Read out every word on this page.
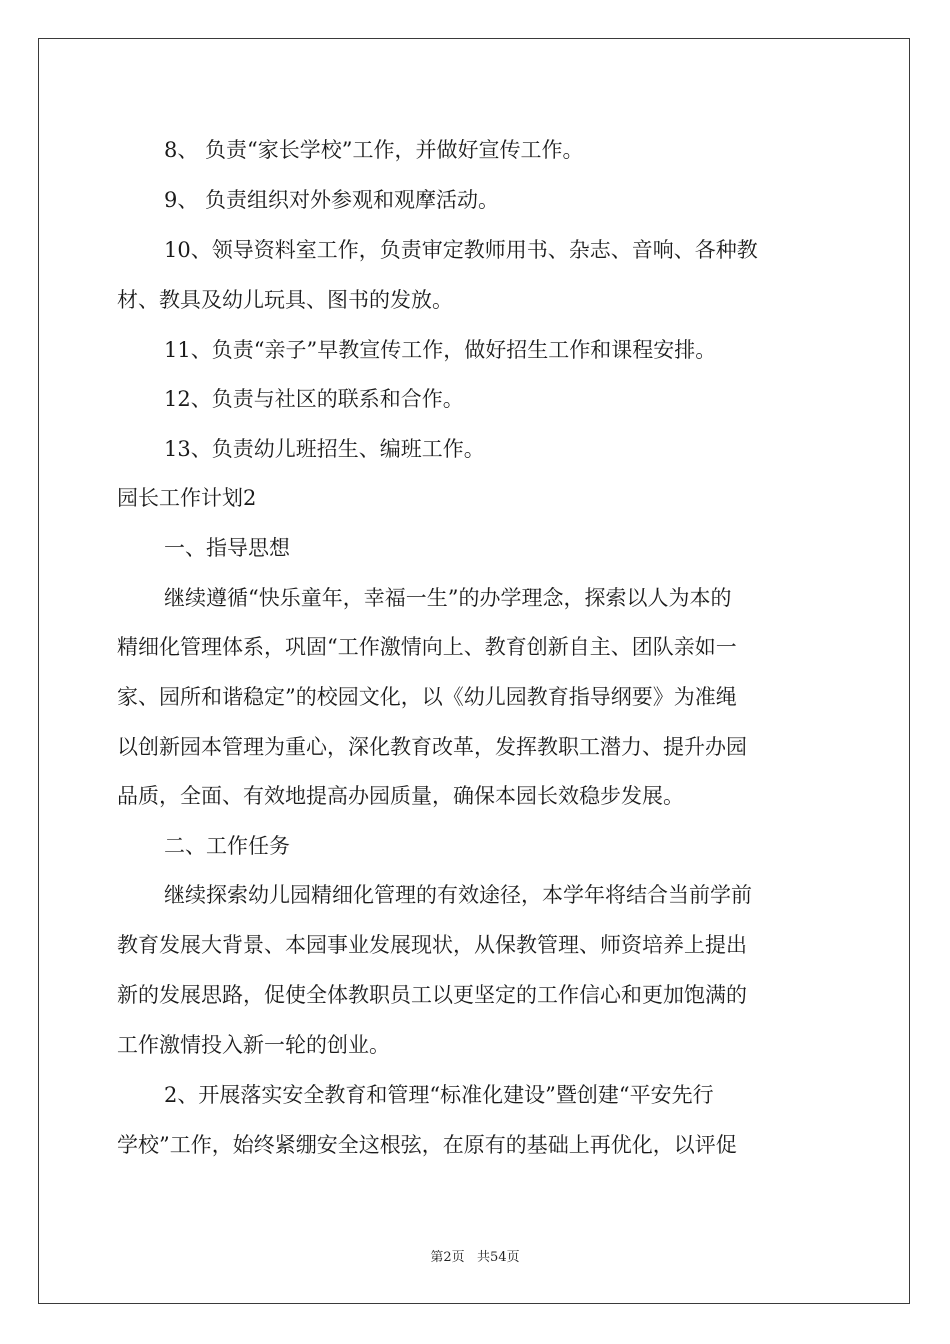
8、 负责“家长学校”工作，并做好宣传工作。
9、 负责组织对外参观和观摩活动。
10、领导资料室工作，负责审定教师用书、杂志、音响、各种教
材、教具及幼儿玩具、图书的发放。
11、负责“亲子”早教宣传工作，做好招生工作和课程安排。
12、负责与社区的联系和合作。
13、负责幼儿班招生、编班工作。
园长工作计划2
一、指导思想
继续遵循“快乐童年，幸福一生”的办学理念，探索以人为本的
精细化管理体系，巩固“工作激情向上、教育创新自主、团队亲如一
家、园所和谐稳定”的校园文化，以《幼儿园教育指导纲要》为准绳
以创新园本管理为重心，深化教育改革，发挥教职工潜力、提升办园
品质，全面、有效地提高办园质量，确保本园长效稳步发展。
二、工作任务
继续探索幼儿园精细化管理的有效途径，本学年将结合当前学前
教育发展大背景、本园事业发展现状，从保教管理、师资培养上提出
新的发展思路，促使全体教职员工以更坚定的工作信心和更加饱满的
工作激情投入新一轮的创业。
2、开展落实安全教育和管理“标准化建设”暨创建“平安先行
学校”工作，始终紧绷安全这根弦，在原有的基础上再优化，以评促
第2页   共54页
